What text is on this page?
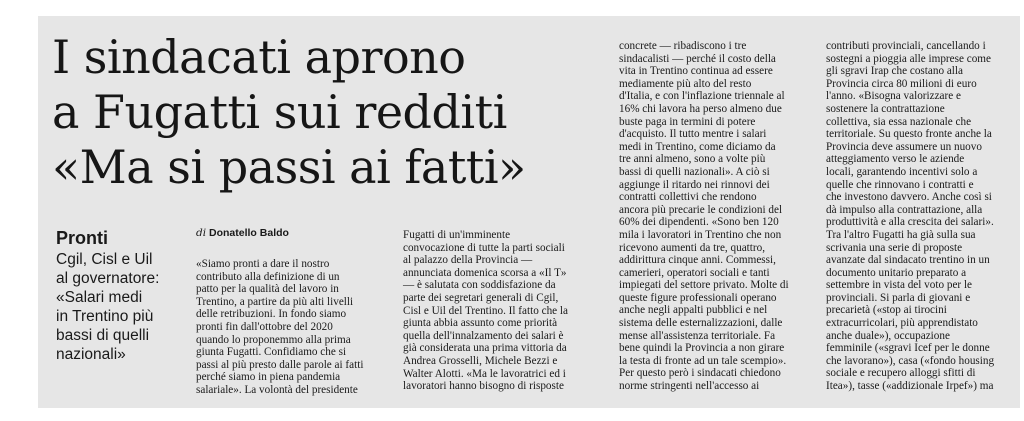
I sindacati aprono
a Fugatti sui redditi
«Ma si passi ai fatti»
Pronti
Cgil, Cisl e Uil
al governatore:
«Salari medi
in Trentino più
bassi di quelli
nazionali»
di Donatello Baldo
«Siamo pronti a dare il nostro
contributo alla definizione di un
patto per la qualità del lavoro in
Trentino, a partire da più alti livelli
delle retribuzioni. In fondo siamo
pronti fin dall'ottobre del 2020
quando lo proponemmo alla prima
giunta Fugatti. Confidiamo che si
passi al più presto dalle parole ai fatti
perché siamo in piena pandemia
salariale». La volontà del presidente
Fugatti di un'imminente
convocazione di tutte la parti sociali
al palazzo della Provincia —
annunciata domenica scorsa a «Il T»
— è salutata con soddisfazione da
parte dei segretari generali di Cgil,
Cisl e Uil del Trentino. Il fatto che la
giunta abbia assunto come priorità
quella dell'innalzamento dei salari è
già considerata una prima vittoria da
Andrea Grosselli, Michele Bezzi e
Walter Alotti. «Ma le lavoratrici ed i
lavoratori hanno bisogno di risposte
concrete — ribadiscono i tre
sindacalisti — perché il costo della
vita in Trentino continua ad essere
mediamente più alto del resto
d'Italia, e con l'inflazione triennale al
16% chi lavora ha perso almeno due
buste paga in termini di potere
d'acquisto. Il tutto mentre i salari
medi in Trentino, come diciamo da
tre anni almeno, sono a volte più
bassi di quelli nazionali». A ciò si
aggiunge il ritardo nei rinnovi dei
contratti collettivi che rendono
ancora più precarie le condizioni del
60% dei dipendenti. «Sono ben 120
mila i lavoratori in Trentino che non
ricevono aumenti da tre, quattro,
addirittura cinque anni. Commessi,
camerieri, operatori sociali e tanti
impiegati del settore privato. Molte di
queste figure professionali operano
anche negli appalti pubblici e nel
sistema delle esternalizzazioni, dalle
mense all'assistenza territoriale. Fa
bene quindi la Provincia a non girare
la testa di fronte ad un tale scempio».
Per questo però i sindacati chiedono
norme stringenti nell'accesso ai
contributi provinciali, cancellando i
sostegni a pioggia alle imprese come
gli sgravi Irap che costano alla
Provincia circa 80 milioni di euro
l'anno. «Bisogna valorizzare e
sostenere la contrattazione
collettiva, sia essa nazionale che
territoriale. Su questo fronte anche la
Provincia deve assumere un nuovo
atteggiamento verso le aziende
locali, garantendo incentivi solo a
quelle che rinnovano i contratti e
che investono davvero. Anche così si
dà impulso alla contrattazione, alla
produttività e alla crescita dei salari».
Tra l'altro Fugatti ha già sulla sua
scrivania una serie di proposte
avanzate dal sindacato trentino in un
documento unitario preparato a
settembre in vista del voto per le
provinciali. Si parla di giovani e
precarietà («stop ai tirocini
extracurricolari, più apprendistato
anche duale»), occupazione
femminile («sgravi Icef per le donne
che lavorano»), casa («fondo housing
sociale e recupero alloggi sfitti di
Itea»), tasse («addizionale Irpef») ma
